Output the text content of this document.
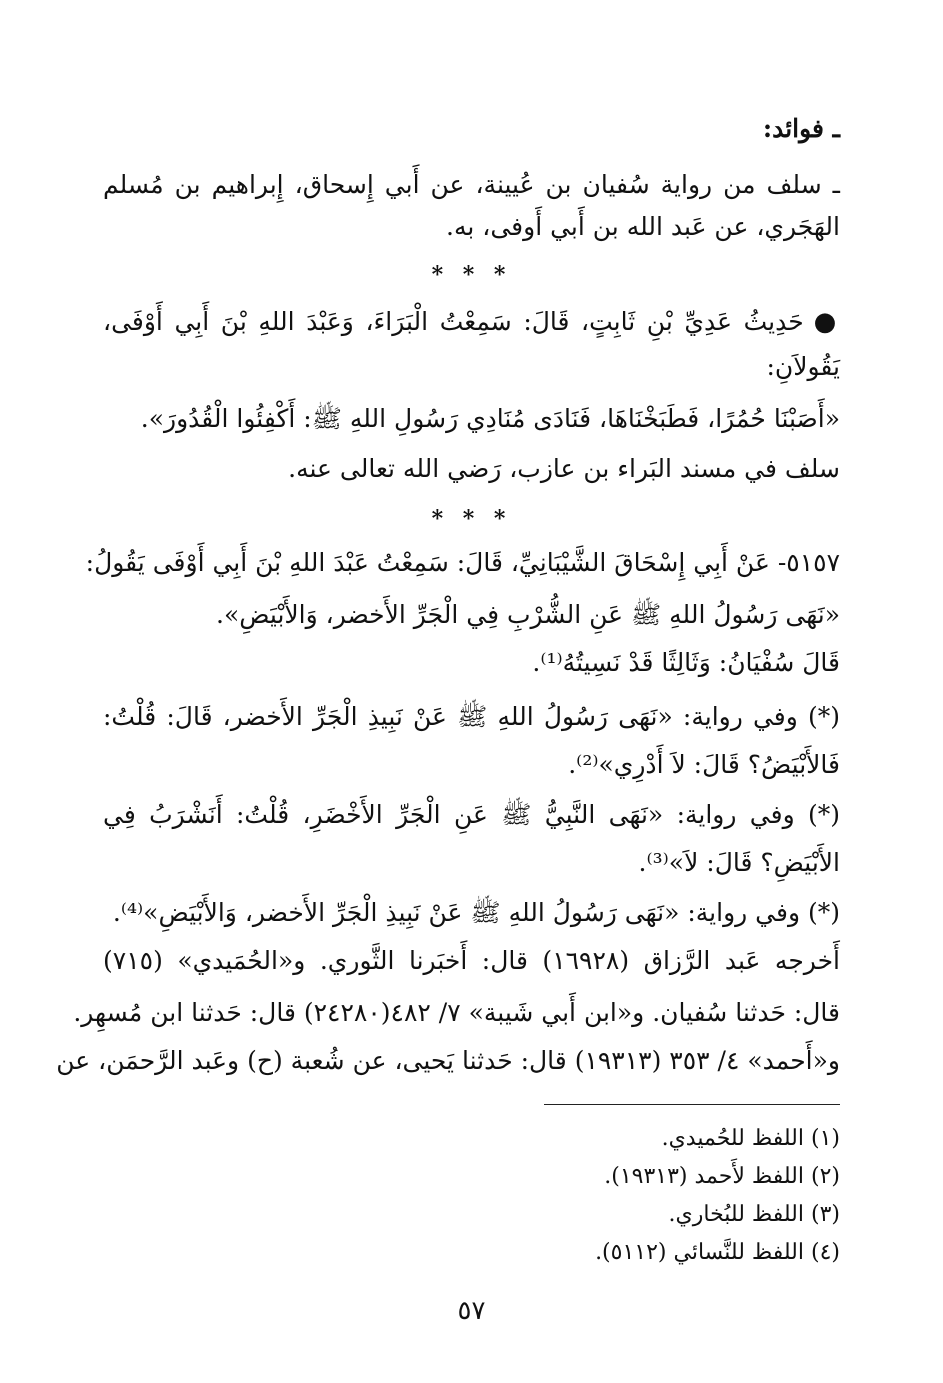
ـ فوائد:
ـ سلف من رواية سُفيان بن عُيينة، عن أَبي إِسحاق، إِبراهيم بن مُسلم
الهَجَري، عن عَبد الله بن أَبي أَوفى، به.
* * *
●حَدِيثُ عَدِيِّ بْنِ ثَابِتٍ، قَالَ: سَمِعْتُ الْبَرَاءَ، وَعَبْدَ اللهِ بْنَ أَبِي أَوْفَى،
يَقُولاَنِ:
«أَصَبْنَا حُمُرًا، فَطَبَخْنَاهَا، فَنَادَى مُنَادِي رَسُولِ اللهِ ﷺ: أَكْفِئُوا الْقُدُورَ».
سلف في مسند البَراء بن عازب، رَضي الله تعالى عنه.
* * *
٥١٥٧- عَنْ أَبِي إِسْحَاقَ الشَّيْبَانِيِّ، قَالَ: سَمِعْتُ عَبْدَ اللهِ بْنَ أَبِي أَوْفَى يَقُولُ:
«نَهَى رَسُولُ اللهِ ﷺ عَنِ الشُّرْبِ فِي الْجَرِّ الأَخضر، وَالأَبْيَضِ».
قَالَ سُفْيَانُ: وَثَالِثًا قَدْ نَسِيتُهُ⁽¹⁾.
(*) وفي رواية: «نَهَى رَسُولُ اللهِ ﷺ عَنْ نَبِيذِ الْجَرِّ الأَخضر، قَالَ: قُلْتُ:
فَالأَبْيَضُ؟ قَالَ: لاَ أَدْرِي»⁽²⁾.
(*) وفي رواية: «نَهَى النَّبِيُّ ﷺ عَنِ الْجَرِّ الأَخْضَرِ، قُلْتُ: أَنَشْرَبُ فِي
الأَبْيَضِ؟ قَالَ: لاَ»⁽³⁾.
(*) وفي رواية: «نَهَى رَسُولُ اللهِ ﷺ عَنْ نَبِيذِ الْجَرِّ الأَخضر، وَالأَبْيَضِ»⁽⁴⁾.
أَخرجه عَبد الرَّزاق (١٦٩٢٨) قال: أَخبَرنا الثَّوري. و«الحُمَيدي» (٧١٥)
قال: حَدثنا سُفيان. و«ابن أَبي شَيبة» ٧/ ٤٨٢(٢٤٢٨٠) قال: حَدثنا ابن مُسهِر.
و«أَحمد» ٤/ ٣٥٣ (١٩٣١٣) قال: حَدثنا يَحيى، عن شُعبة (ح) وعَبد الرَّحمَن، عن
(١) اللفظ للحُميدي.
(٢) اللفظ لأَحمد (١٩٣١٣).
(٣) اللفظ للبُخاري.
(٤) اللفظ للنَّسائي (٥١١٢).
٥٧
